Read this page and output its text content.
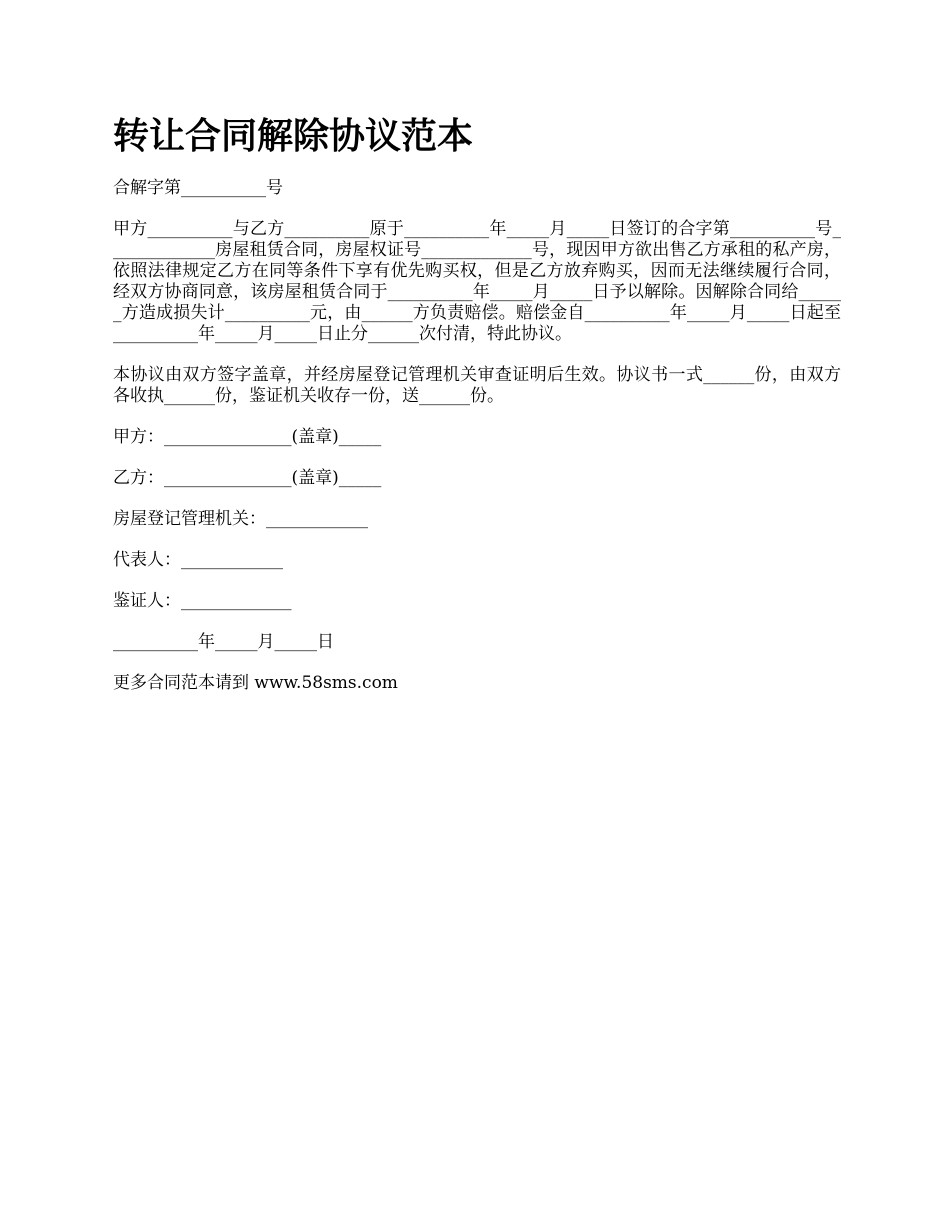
转让合同解除协议范本

合解字第__________号

甲方__________与乙方__________原于__________年_____月_____日签订的合字第__________号_____________房屋租赁合同，房屋权证号_____________号，现因甲方欲出售乙方承租的私产房，依照法律规定乙方在同等条件下享有优先购买权，但是乙方放弃购买，因而无法继续履行合同，经双方协商同意，该房屋租赁合同于__________年_____月_____日予以解除。因解除合同给______方造成损失计__________元，由______方负责赔偿。赔偿金自__________年_____月_____日起至__________年_____月_____日止分______次付清，特此协议。

本协议由双方签字盖章，并经房屋登记管理机关审查证明后生效。协议书一式______份，由双方各收执______份，鉴证机关收存一份，送______份。

甲方：_______________(盖章)_____

乙方：_______________(盖章)_____

房屋登记管理机关：____________

代表人：____________

鉴证人：_____________

__________年_____月_____日

更多合同范本请到 www.58sms.com
